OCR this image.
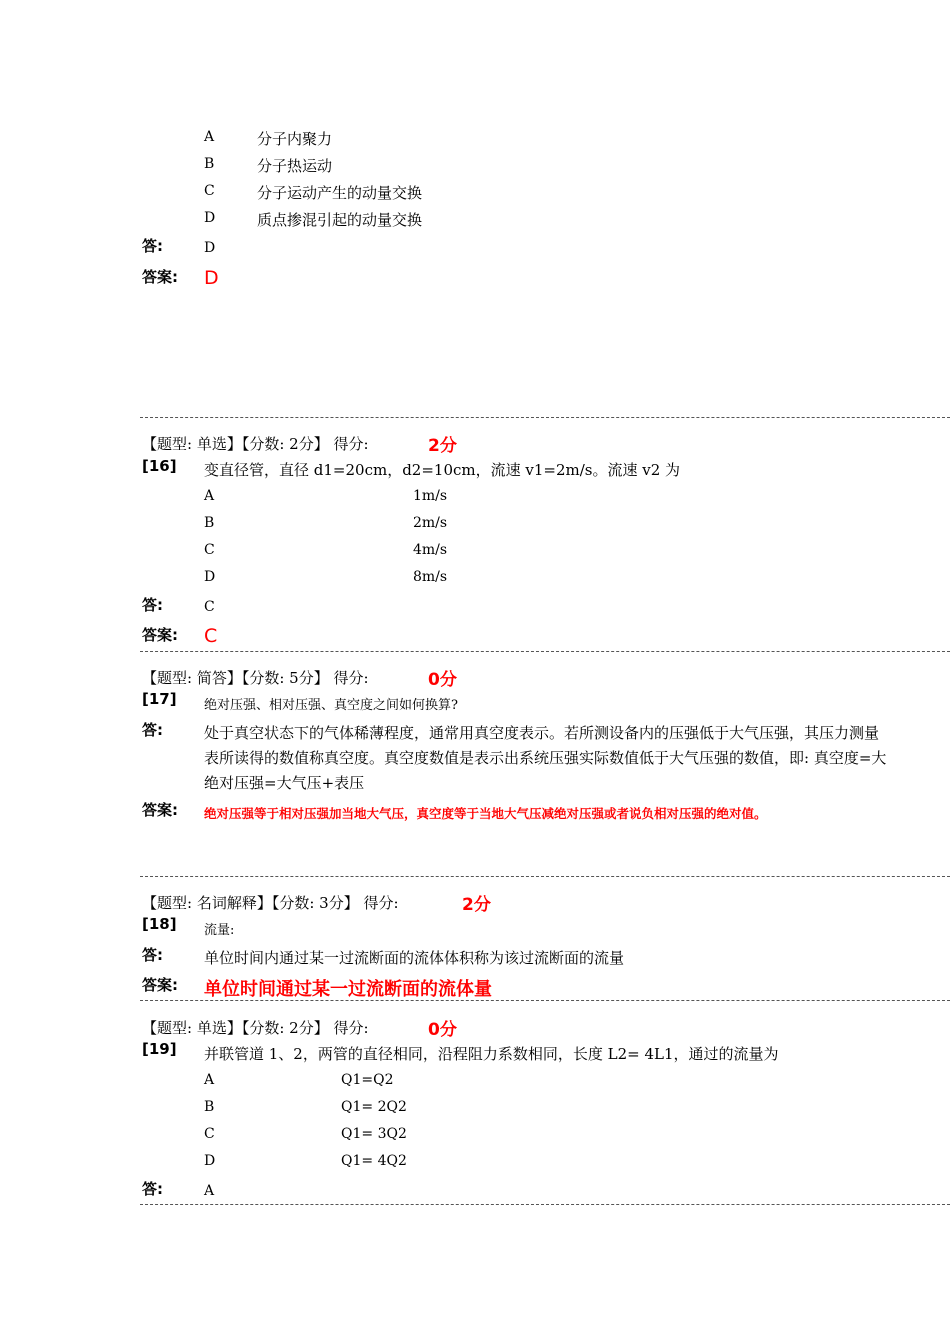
A	分子内聚力
B	分子热运动
C	分子运动产生的动量交换
D	质点掺混引起的动量交换
答:	D
答案: D
【题型: 单选】【分数: 2分】 得分:	2分
[16] 变直径管，直径 d1=20cm，d2=10cm，流速 v1=2m/s。流速 v2 为
A	1m/s
B	2m/s
C	4m/s
D	8m/s
答:	C
答案: C
【题型: 简答】【分数: 5分】 得分:	0分
[17] 绝对压强、相对压强、真空度之间如何换算?
答:	处于真空状态下的气体稀薄程度，通常用真空度表示。若所测设备内的压强低于大气压强，其压力测量
表所读得的数值称真空度。真空度数值是表示出系统压强实际数值低于大气压强的数值，即: 真空度=大
绝对压强=大气压+表压
答案: 绝对压强等于相对压强加当地大气压，真空度等于当地大气压减绝对压强或者说负相对压强的绝对值。
【题型: 名词解释】【分数: 3分】 得分:	2分
[18] 流量:
答:	单位时间内通过某一过流断面的流体体积称为该过流断面的流量
答案: 单位时间通过某一过流断面的流体量
【题型: 单选】【分数: 2分】 得分:	0分
[19] 并联管道 1、2，两管的直径相同，沿程阻力系数相同，长度 L2= 4L1，通过的流量为
A	Q1=Q2
B	Q1= 2Q2
C	Q1= 3Q2
D	Q1= 4Q2
答:	A
